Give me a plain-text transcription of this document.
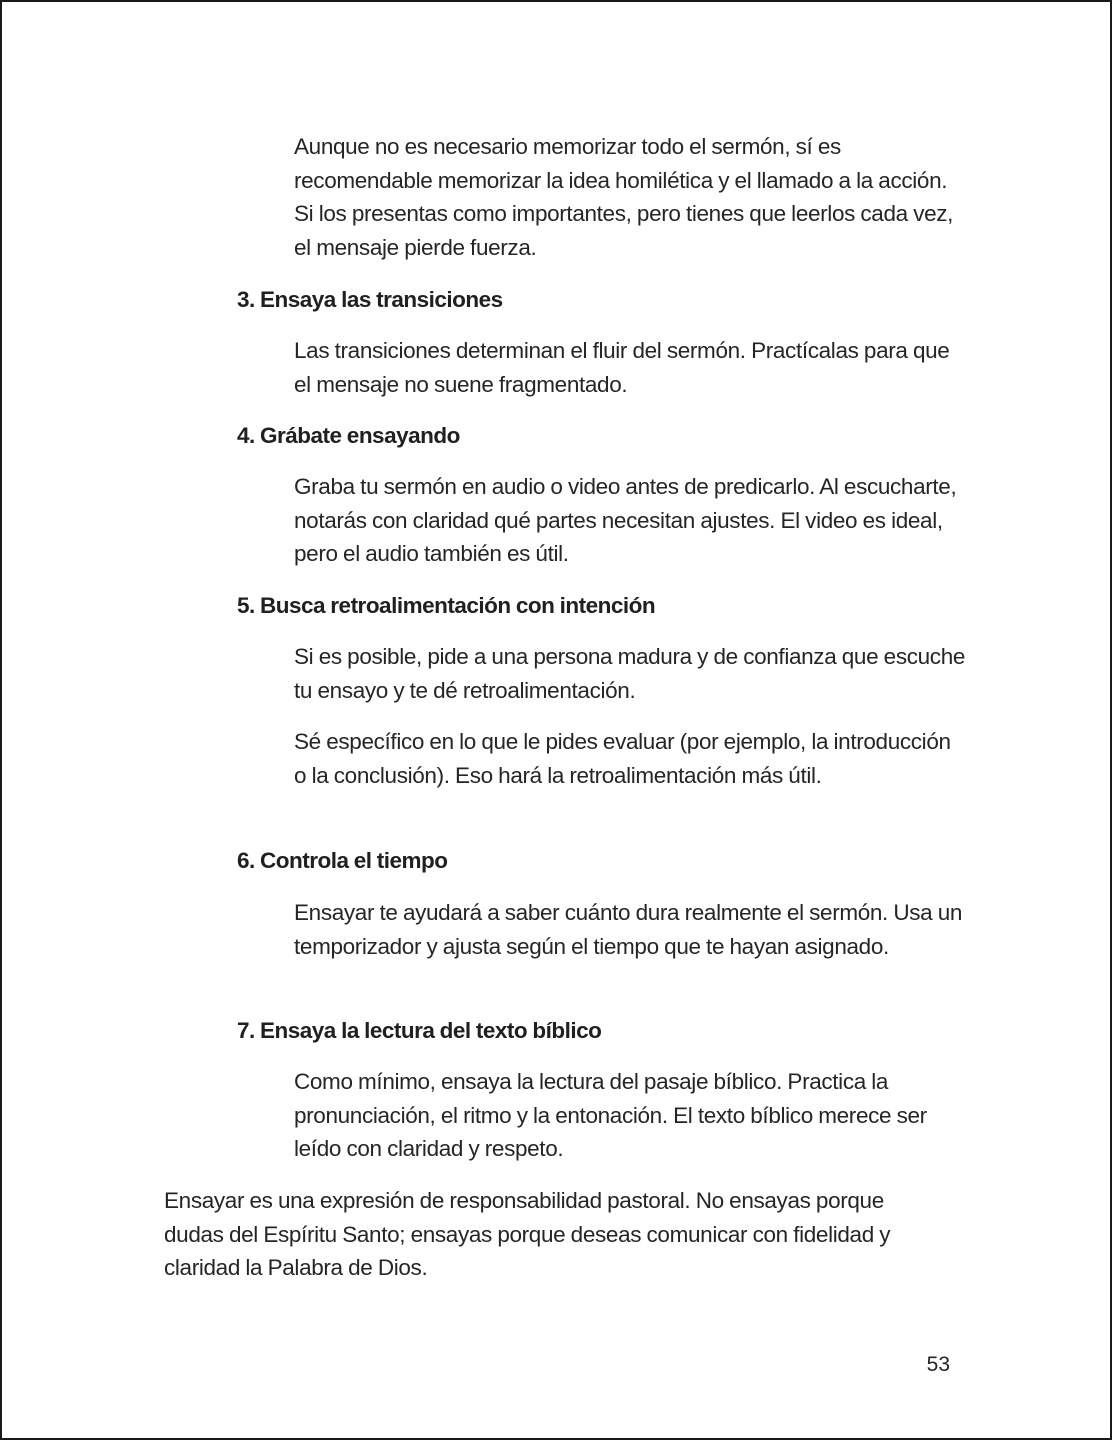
Aunque no es necesario memorizar todo el sermón, sí es recomendable memorizar la idea homilética y el llamado a la acción. Si los presentas como importantes, pero tienes que leerlos cada vez, el mensaje pierde fuerza.

3. Ensaya las transiciones

Las transiciones determinan el fluir del sermón. Practícalas para que el mensaje no suene fragmentado.

4. Grábate ensayando

Graba tu sermón en audio o video antes de predicarlo. Al escucharte, notarás con claridad qué partes necesitan ajustes. El video es ideal, pero el audio también es útil.

5. Busca retroalimentación con intención

Si es posible, pide a una persona madura y de confianza que escuche tu ensayo y te dé retroalimentación.

Sé específico en lo que le pides evaluar (por ejemplo, la introducción o la conclusión). Eso hará la retroalimentación más útil.

6. Controla el tiempo

Ensayar te ayudará a saber cuánto dura realmente el sermón. Usa un temporizador y ajusta según el tiempo que te hayan asignado.

7. Ensaya la lectura del texto bíblico

Como mínimo, ensaya la lectura del pasaje bíblico. Practica la pronunciación, el ritmo y la entonación. El texto bíblico merece ser leído con claridad y respeto.

Ensayar es una expresión de responsabilidad pastoral. No ensayas porque dudas del Espíritu Santo; ensayas porque deseas comunicar con fidelidad y claridad la Palabra de Dios.

53
